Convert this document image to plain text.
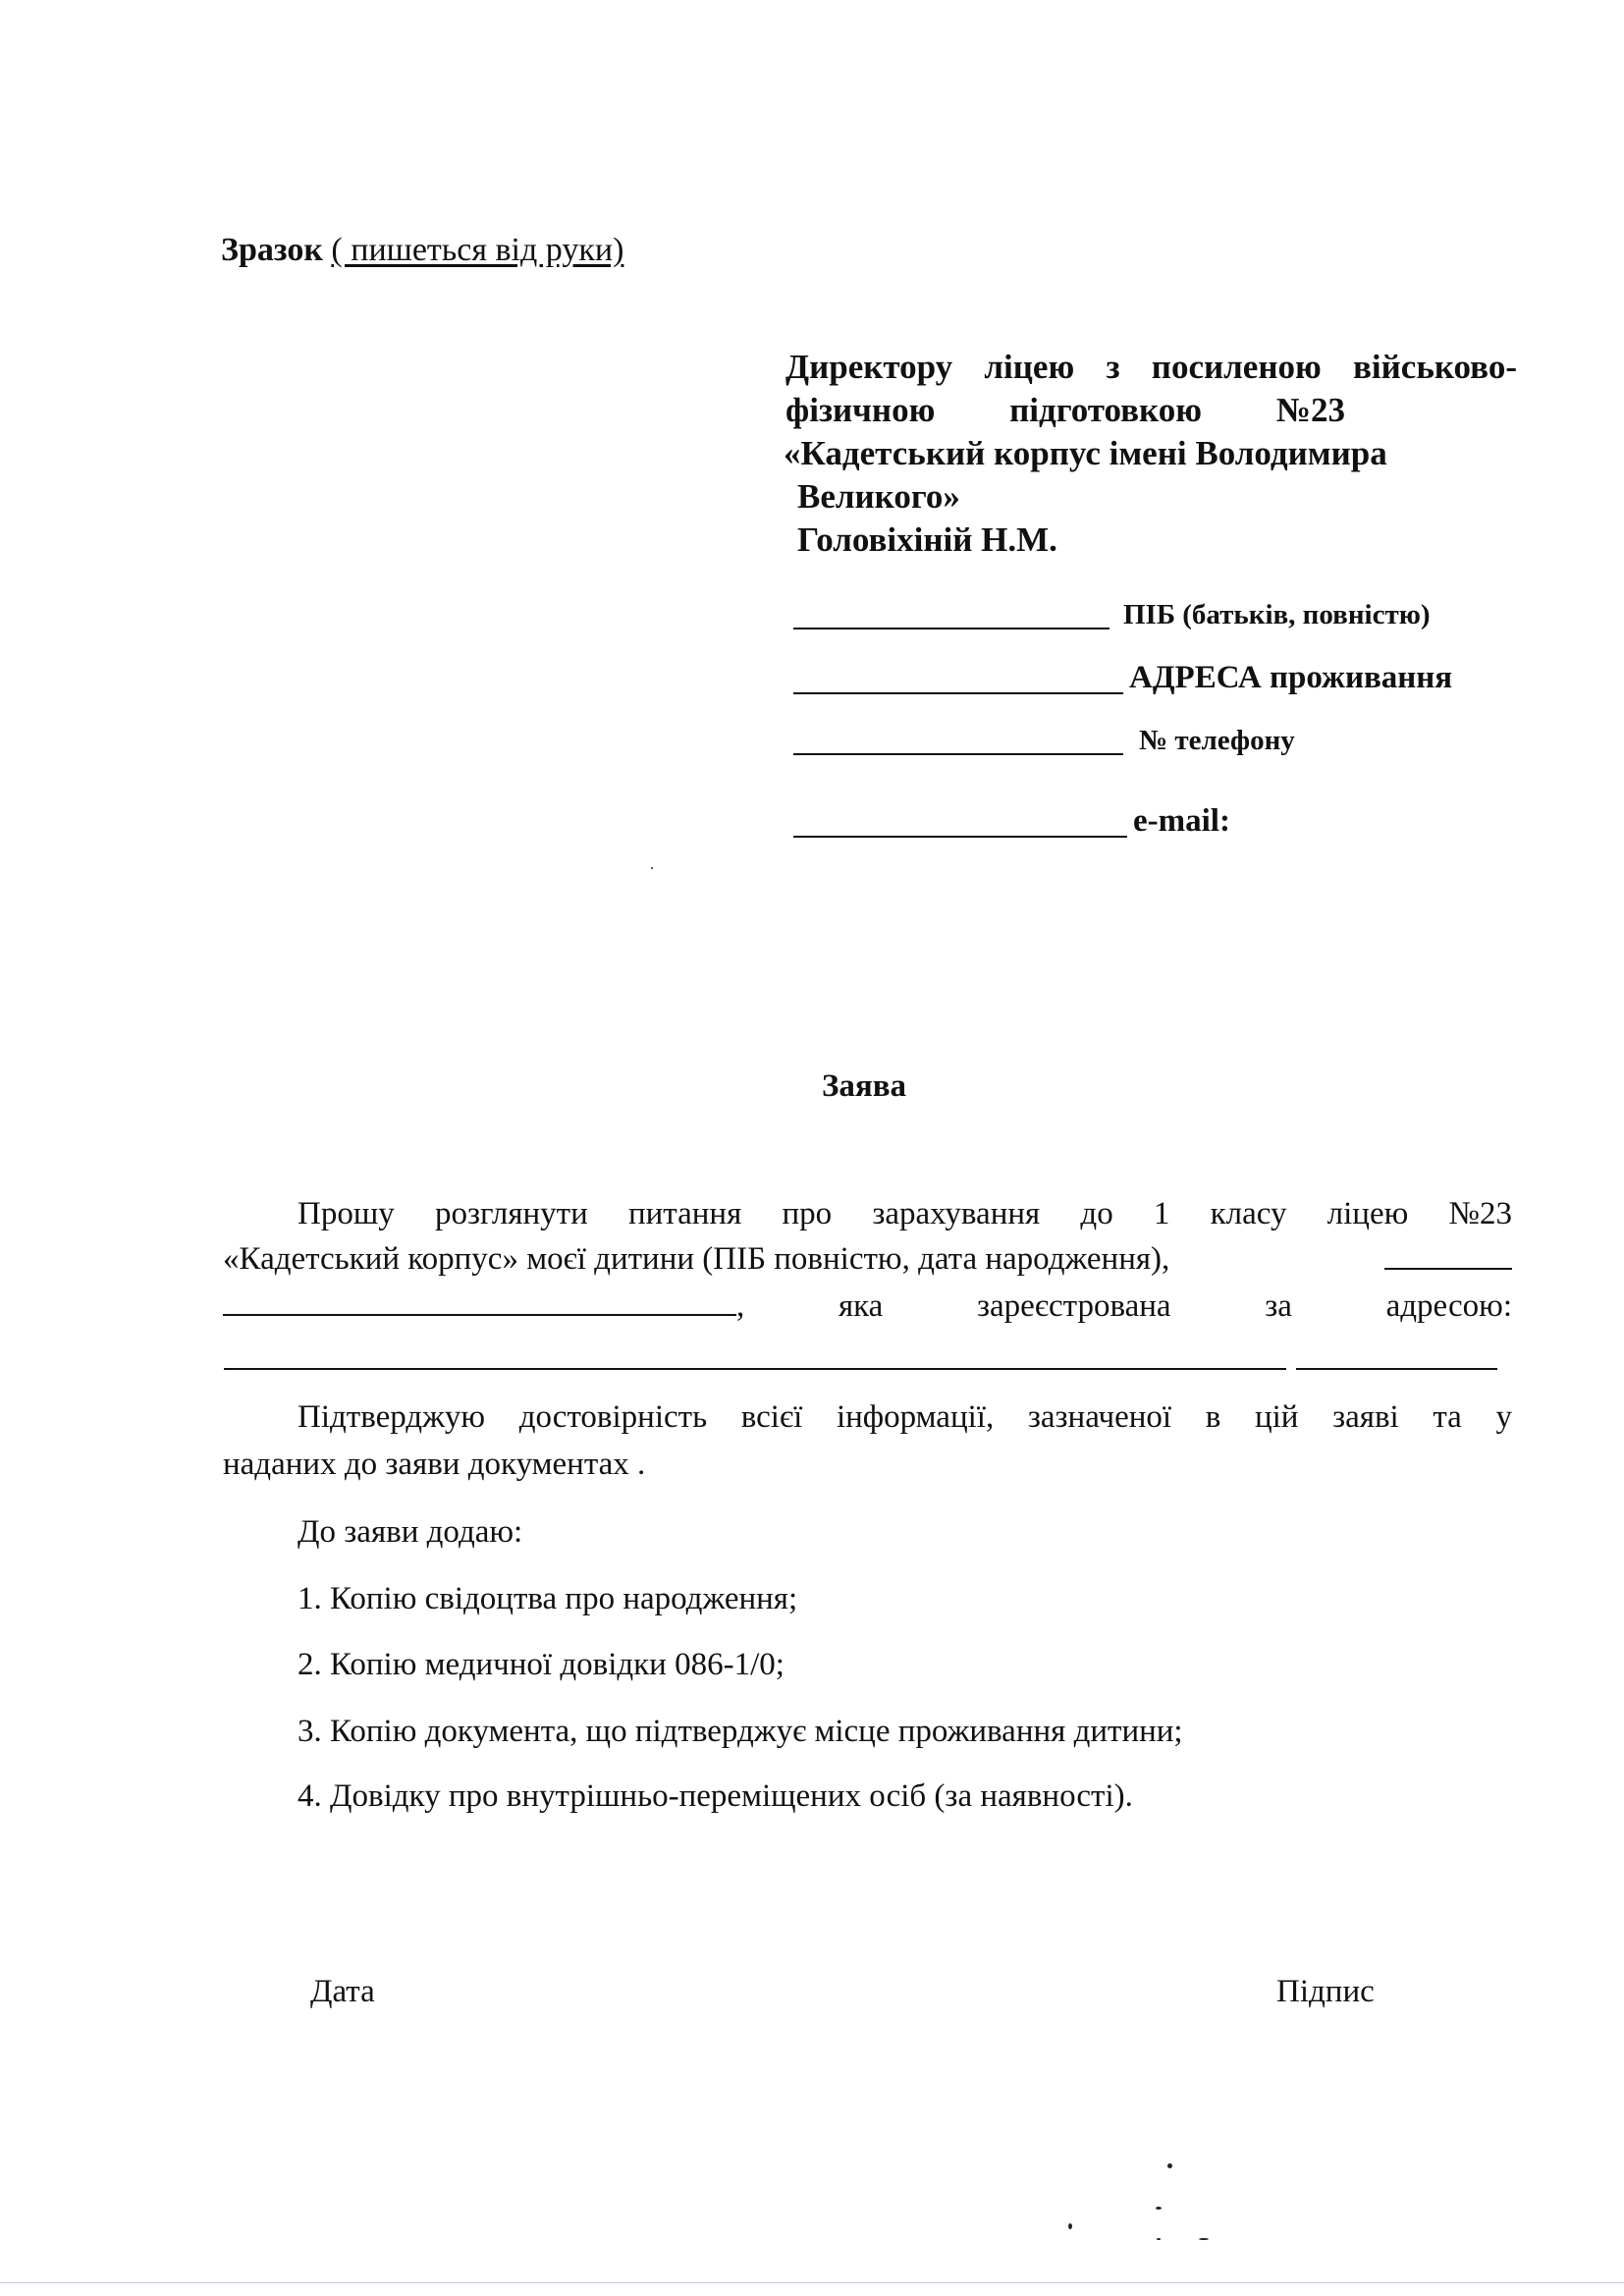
Зразок ( пишеться від руки)
Директору ліцею з посиленою військово-
фізичною підготовкою №23
«Кадетський корпус імені Володимира
Великого»
Головіхіній Н.М.
ПІБ (батьків, повністю)
АДРЕСА проживання
№ телефону
e-mail:
Заява
Прошу розглянути питання про зарахування до 1 класу ліцею №23
«Кадетський корпус» моєї дитини (ПІБ повністю, дата народження),
,	яка	зареєстрована	за	адресою:
Підтверджую достовірність всієї інформації, зазначеної в цій заяві та у
наданих до заяви документах .
До заяви додаю:
1. Копію свідоцтва про народження;
2. Копію медичної довідки 086-1/0;
3. Копію документа, що підтверджує місце проживання дитини;
4. Довідку про внутрішньо-переміщених осіб (за наявності).
Дата	Підпис
